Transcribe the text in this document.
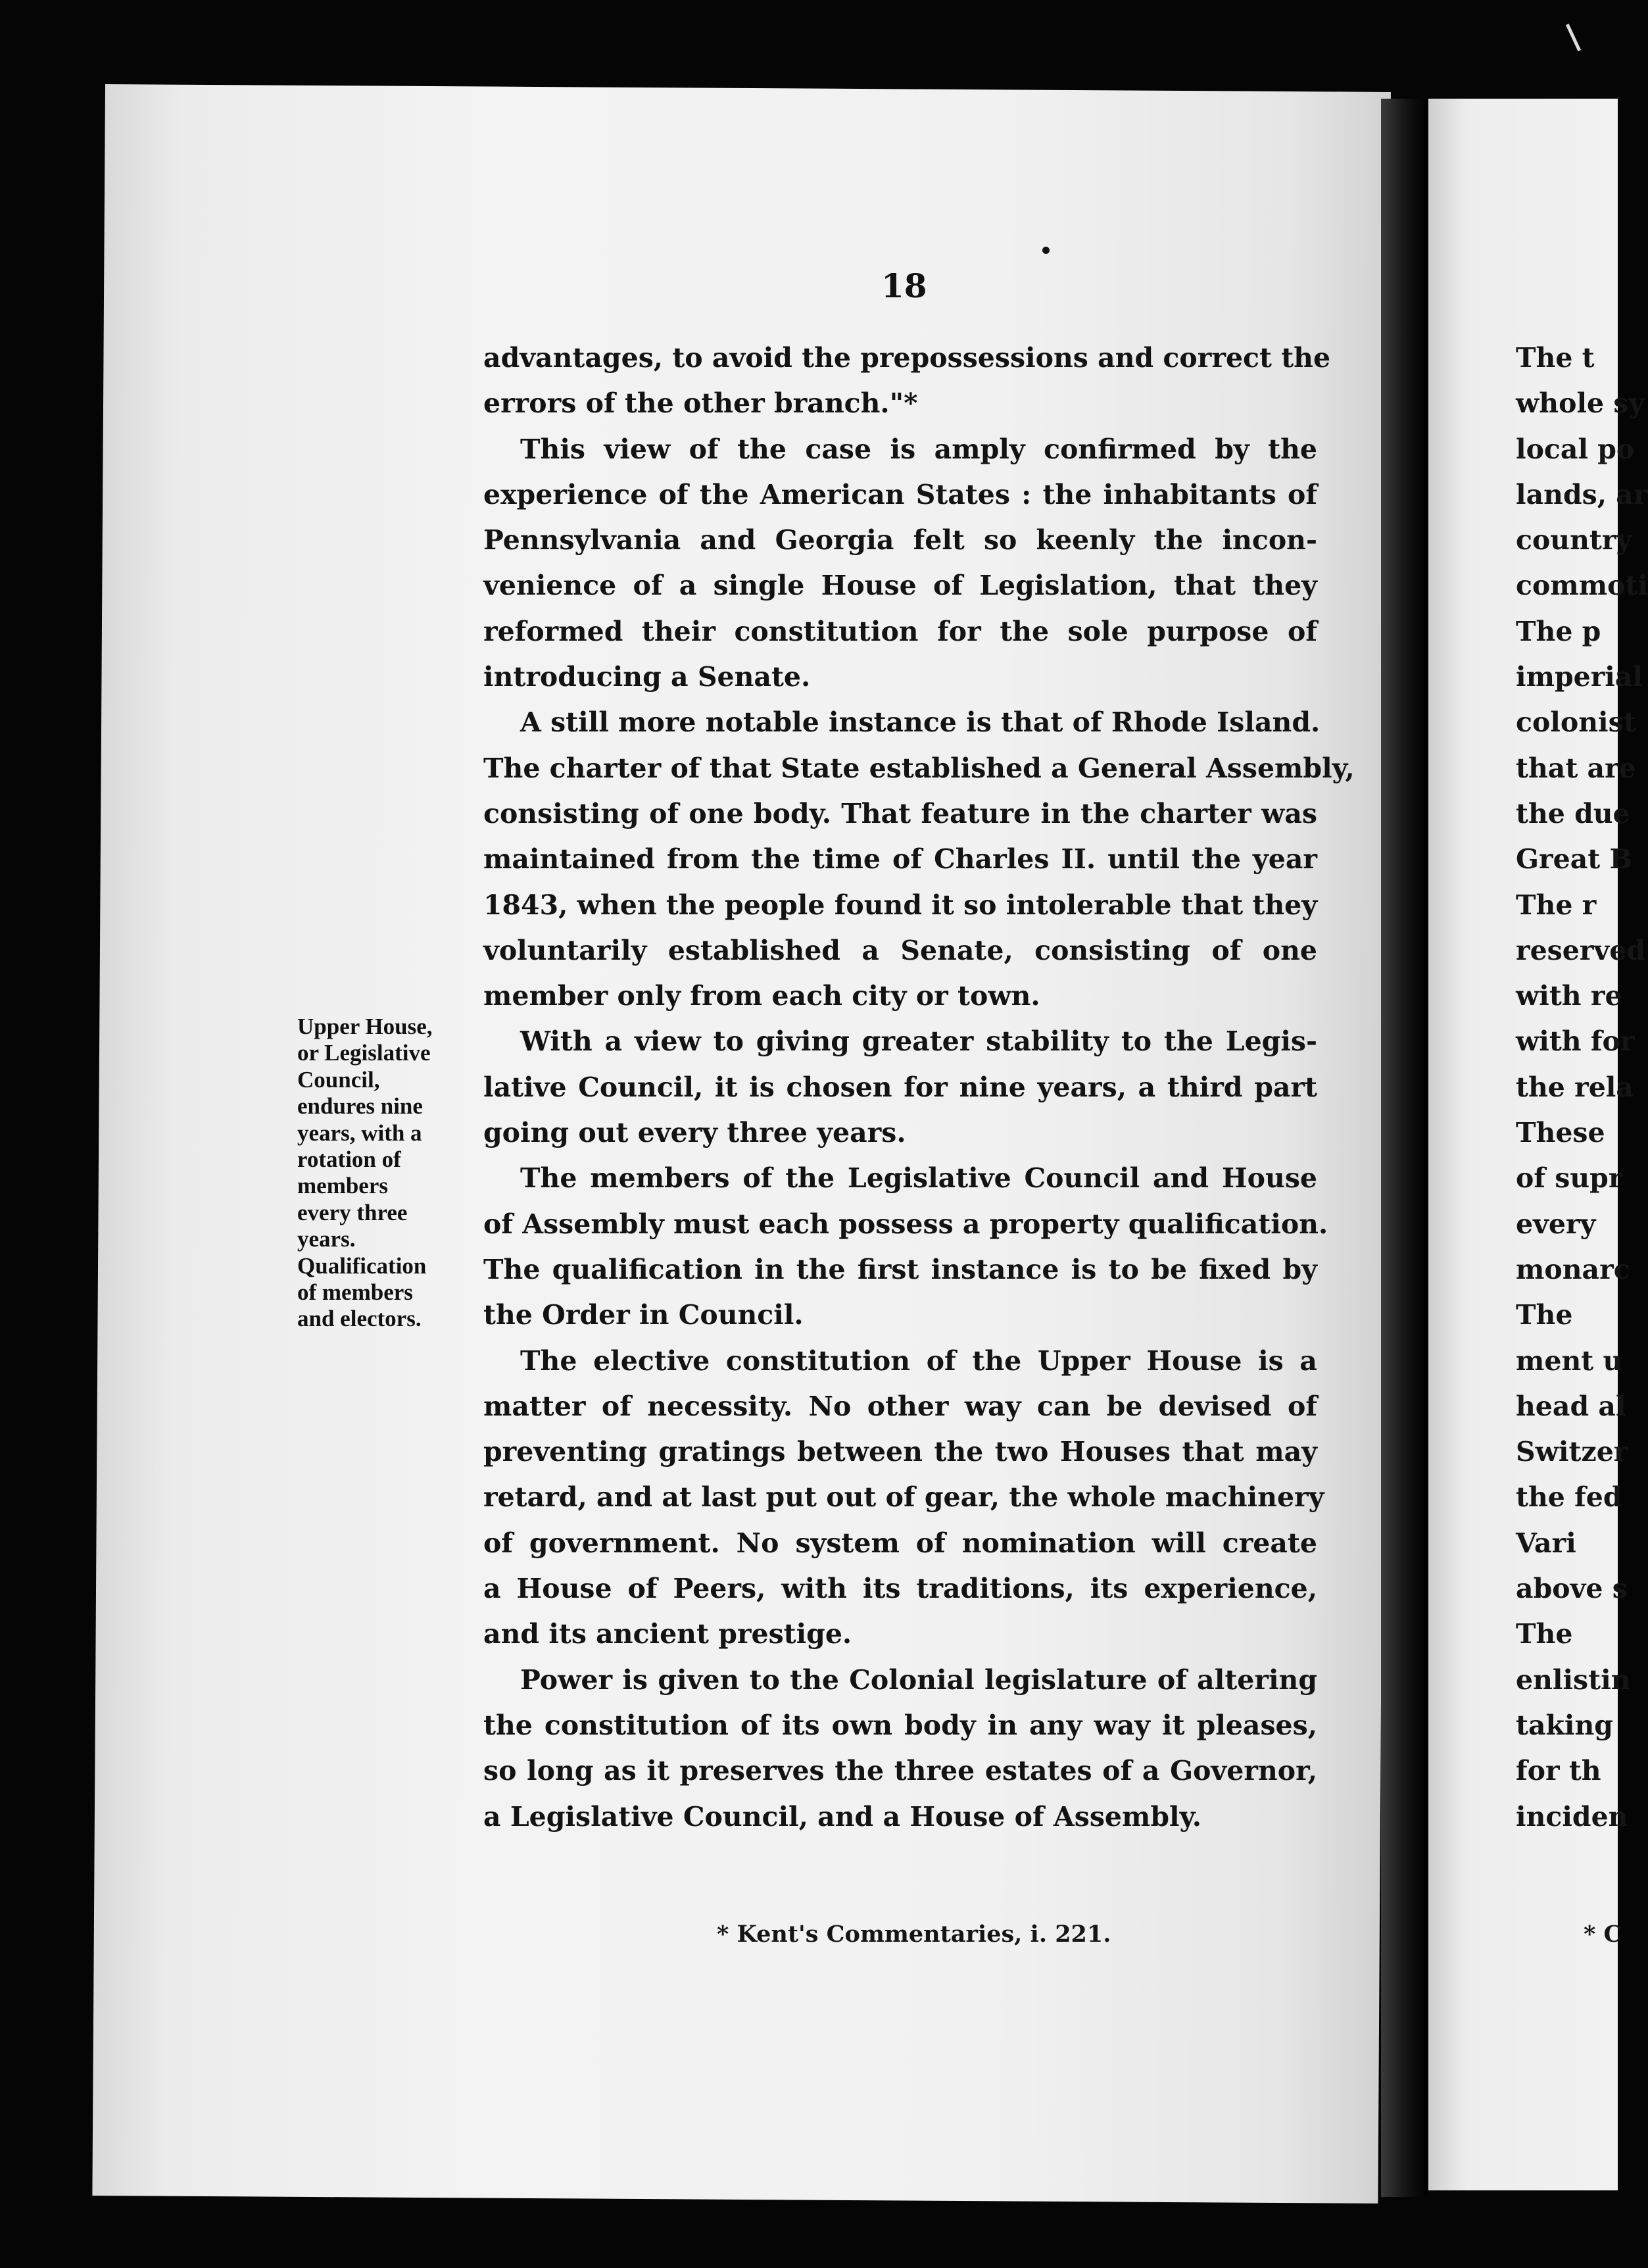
18

advantages, to avoid the prepossessions and correct the

errors of the other branch."*

This view of the case is amply confirmed by the

experience of the American States : the inhabitants of

Pennsylvania and Georgia felt so keenly the incon-

venience of a single House of Legislation, that they

reformed their constitution for the sole purpose of

introducing a Senate.

A still more notable instance is that of Rhode Island.

The charter of that State established a General Assembly,

consisting of one body. That feature in the charter was

maintained from the time of Charles II. until the year

1843, when the people found it so intolerable that they

voluntarily established a Senate, consisting of one

member only from each city or town.

With a view to giving greater stability to the Legis-

lative Council, it is chosen for nine years, a third part

going out every three years.

The members of the Legislative Council and House

of Assembly must each possess a property qualification.

The qualification in the first instance is to be fixed by

the Order in Council.

The elective constitution of the Upper House is a

matter of necessity. No other way can be devised of

preventing gratings between the two Houses that may

retard, and at last put out of gear, the whole machinery

of government. No system of nomination will create

a House of Peers, with its traditions, its experience,

and its ancient prestige.

Power is given to the Colonial legislature of altering

the constitution of its own body in any way it pleases,

so long as it preserves the three estates of a Governor,

a Legislative Council, and a House of Assembly.

Upper House,
or Legislative
Council,
endures nine
years, with a
rotation of
members
every three
years.
Qualification
of members
and electors.

* Kent's Commentaries, i. 221.

The t
whole sy
local po
lands, ar
country
commoti
The p
imperial
colonist
that are
the due
Great B
The r
reserved
with re
with for
the rela
These
of supr
every
monarc
The
ment u
head al
Switzer
the fed
Vari
above s
The
enlistin
taking
for th
inciden

* C
